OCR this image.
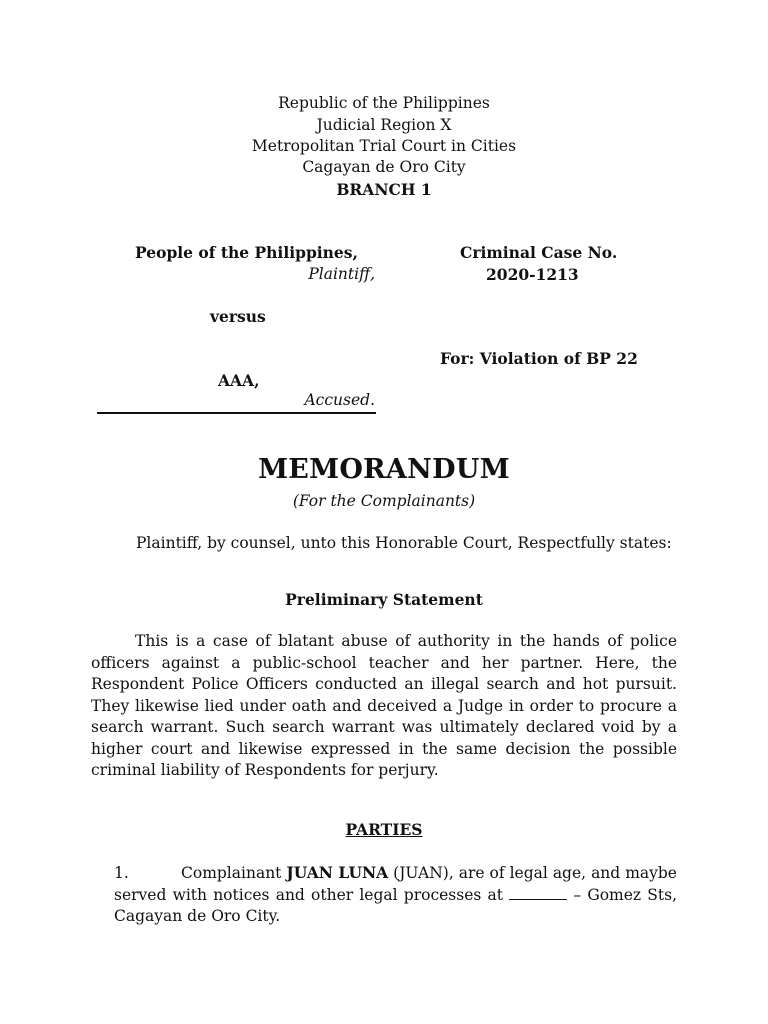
Republic of the Philippines
Judicial Region X
Metropolitan Trial Court in Cities
Cagayan de Oro City
BRANCH 1
People of the Philippines,
Plaintiff,
Criminal Case No.
2020-1213
versus
For: Violation of BP 22
AAA,
Accused.
MEMORANDUM
(For the Complainants)
Plaintiff, by counsel, unto this Honorable Court, Respectfully states:
Preliminary Statement
This is a case of blatant abuse of authority in the hands of police officers against a public-school teacher and her partner. Here, the Respondent Police Officers conducted an illegal search and hot pursuit. They likewise lied under oath and deceived a Judge in order to procure a search warrant. Such search warrant was ultimately declared void by a higher court and likewise expressed in the same decision the possible criminal liability of Respondents for perjury.
PARTIES
1.	Complainant JUAN LUNA (JUAN), are of legal age, and maybe served with notices and other legal processes at	– Gomez Sts, Cagayan de Oro City.
